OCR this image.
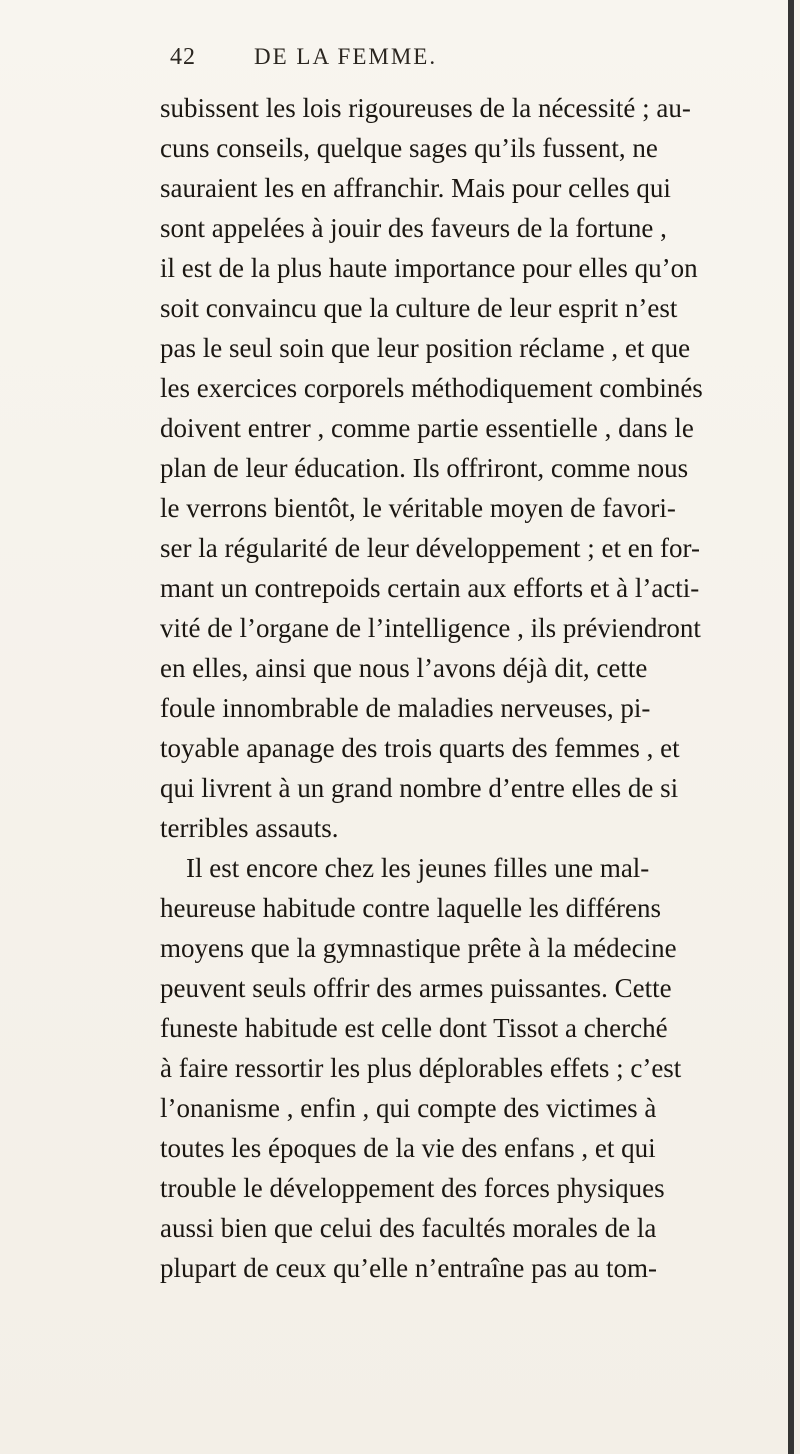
42	DE LA FEMME.
subissent les lois rigoureuses de la nécessité ; au-
cuns conseils, quelque sages qu’ils fussent, ne
sauraient les en affranchir. Mais pour celles qui
sont appelées à jouir des faveurs de la fortune ,
il est de la plus haute importance pour elles qu’on
soit convaincu que la culture de leur esprit n’est
pas le seul soin que leur position réclame , et que
les exercices corporels méthodiquement combinés
doivent entrer , comme partie essentielle , dans le
plan de leur éducation. Ils offriront, comme nous
le verrons bientôt, le véritable moyen de favori-
ser la régularité de leur développement ; et en for-
mant un contrepoids certain aux efforts et à l’acti-
vité de l’organe de l’intelligence , ils préviendront
en elles, ainsi que nous l’avons déjà dit, cette
foule innombrable de maladies nerveuses, pi-
toyable apanage des trois quarts des femmes , et
qui livrent à un grand nombre d’entre elles de si
terribles assauts.
Il est encore chez les jeunes filles une mal-
heureuse habitude contre laquelle les différens
moyens que la gymnastique prête à la médecine
peuvent seuls offrir des armes puissantes. Cette
funeste habitude est celle dont Tissot a cherché
à faire ressortir les plus déplorables effets ; c’est
l’onanisme , enfin , qui compte des victimes à
toutes les époques de la vie des enfans , et qui
trouble le développement des forces physiques
aussi bien que celui des facultés morales de la
plupart de ceux qu’elle n’entraîne pas au tom-
